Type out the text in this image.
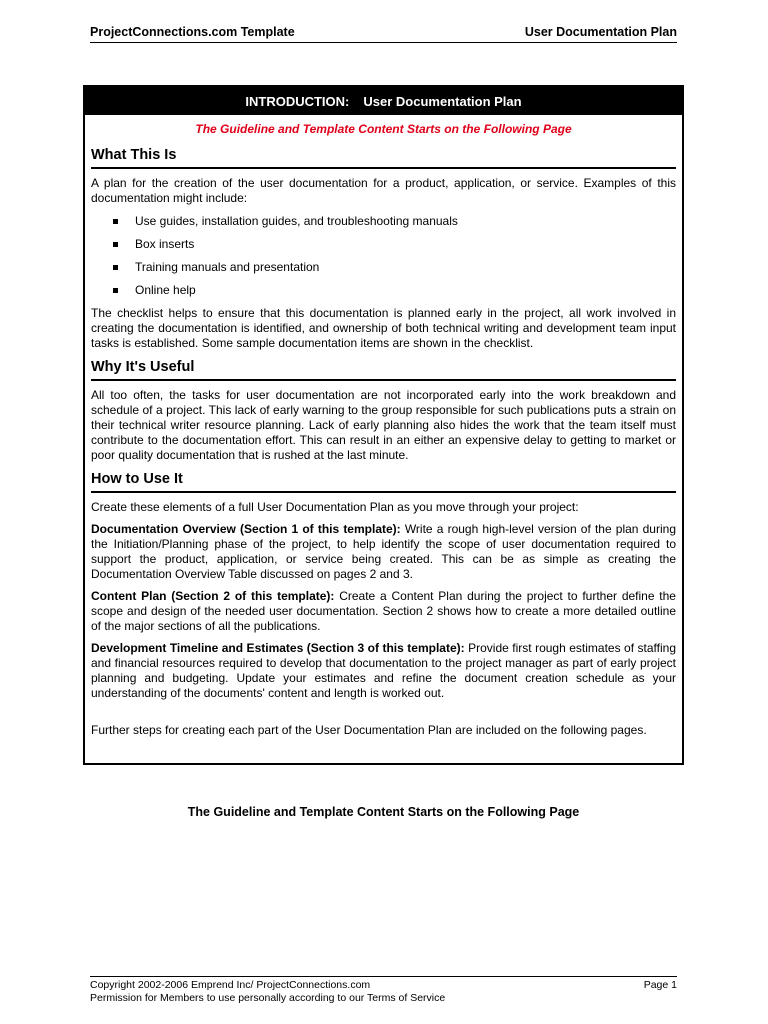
ProjectConnections.com Template	User Documentation Plan
INTRODUCTION: User Documentation Plan
The Guideline and Template Content Starts on the Following Page
What This Is

A plan for the creation of the user documentation for a product, application, or service. Examples of this documentation might include:

Use guides, installation guides, and troubleshooting manuals
Box inserts
Training manuals and presentation
Online help

The checklist helps to ensure that this documentation is planned early in the project, all work involved in creating the documentation is identified, and ownership of both technical writing and development team input tasks is established. Some sample documentation items are shown in the checklist.

Why It's Useful

All too often, the tasks for user documentation are not incorporated early into the work breakdown and schedule of a project. This lack of early warning to the group responsible for such publications puts a strain on their technical writer resource planning. Lack of early planning also hides the work that the team itself must contribute to the documentation effort. This can result in an either an expensive delay to getting to market or poor quality documentation that is rushed at the last minute.

How to Use It

Create these elements of a full User Documentation Plan as you move through your project:

Documentation Overview (Section 1 of this template): Write a rough high-level version of the plan during the Initiation/Planning phase of the project, to help identify the scope of user documentation required to support the product, application, or service being created. This can be as simple as creating the Documentation Overview Table discussed on pages 2 and 3.

Content Plan (Section 2 of this template): Create a Content Plan during the project to further define the scope and design of the needed user documentation. Section 2 shows how to create a more detailed outline of the major sections of all the publications.

Development Timeline and Estimates (Section 3 of this template): Provide first rough estimates of staffing and financial resources required to develop that documentation to the project manager as part of early project planning and budgeting. Update your estimates and refine the document creation schedule as your understanding of the documents' content and length is worked out.

Further steps for creating each part of the User Documentation Plan are included on the following pages.

The Guideline and Template Content Starts on the Following Page
Copyright 2002-2006 Emprend Inc/ ProjectConnections.com	Page 1
Permission for Members to use personally according to our Terms of Service
